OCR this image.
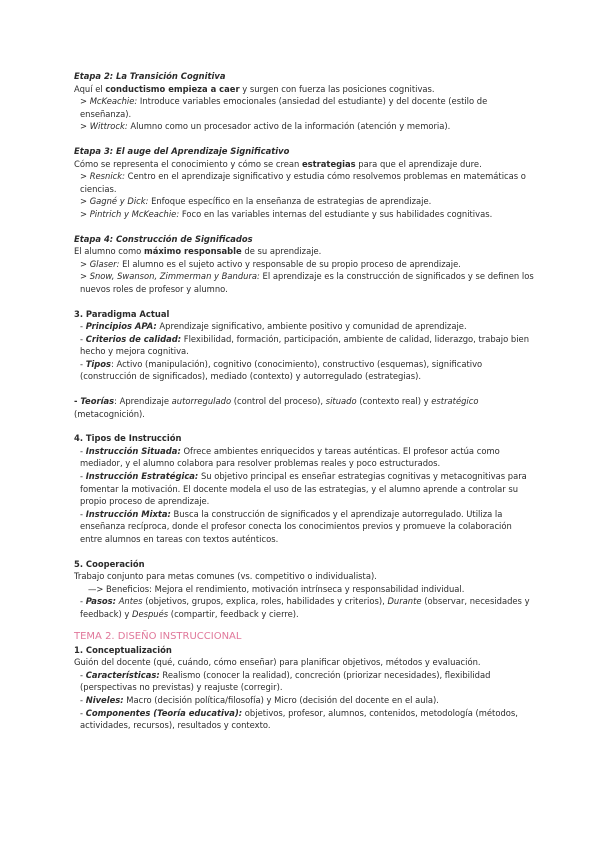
Etapa 2: La Transición Cognitiva

Aquí el conductismo empieza a caer y surgen con fuerza las posiciones cognitivas.

> McKeachie: Introduce variables emocionales (ansiedad del estudiante) y del docente (estilo de enseñanza).

> Wittrock: Alumno como un procesador activo de la información (atención y memoria).

Etapa 3: El auge del Aprendizaje Significativo

Cómo se representa el conocimiento y cómo se crean estrategias para que el aprendizaje dure.

> Resnick: Centro en el aprendizaje significativo y estudia cómo resolvemos problemas en matemáticas o ciencias.

> Gagné y Dick: Enfoque específico en la enseñanza de estrategias de aprendizaje.

> Pintrich y McKeachie: Foco en las variables internas del estudiante y sus habilidades cognitivas.

Etapa 4: Construcción de Significados

El alumno como máximo responsable de su aprendizaje.

> Glaser: El alumno es el sujeto activo y responsable de su propio proceso de aprendizaje.

> Snow, Swanson, Zimmerman y Bandura: El aprendizaje es la construcción de significados y se definen los nuevos roles de profesor y alumno.

3. Paradigma Actual

- Principios APA: Aprendizaje significativo, ambiente positivo y comunidad de aprendizaje.

- Criterios de calidad: Flexibilidad, formación, participación, ambiente de calidad, liderazgo, trabajo bien hecho y mejora cognitiva.

- Tipos: Activo (manipulación), cognitivo (conocimiento), constructivo (esquemas), significativo (construcción de significados), mediado (contexto) y autorregulado (estrategias).

- Teorías: Aprendizaje autorregulado (control del proceso), situado (contexto real) y estratégico (metacognición).

4. Tipos de Instrucción

- Instrucción Situada: Ofrece ambientes enriquecidos y tareas auténticas. El profesor actúa como mediador, y el alumno colabora para resolver problemas reales y poco estructurados.

- Instrucción Estratégica: Su objetivo principal es enseñar estrategias cognitivas y metacognitivas para fomentar la motivación. El docente modela el uso de las estrategias, y el alumno aprende a controlar su propio proceso de aprendizaje.

- Instrucción Mixta: Busca la construcción de significados y el aprendizaje autorregulado. Utiliza la enseñanza recíproca, donde el profesor conecta los conocimientos previos y promueve la colaboración entre alumnos en tareas con textos auténticos.

5. Cooperación

Trabajo conjunto para metas comunes (vs. competitivo o individualista).

—> Beneficios: Mejora el rendimiento, motivación intrínseca y responsabilidad individual.

- Pasos: Antes (objetivos, grupos, explica, roles, habilidades y criterios), Durante (observar, necesidades y feedback) y Después (compartir, feedback y cierre).

TEMA 2. DISEÑO INSTRUCCIONAL

1. Conceptualización

Guión del docente (qué, cuándo, cómo enseñar) para planificar objetivos, métodos y evaluación.

- Características: Realismo (conocer la realidad), concreción (priorizar necesidades), flexibilidad (perspectivas no previstas) y reajuste (corregir).

- Niveles: Macro (decisión política/filosofía) y Micro (decisión del docente en el aula).

- Componentes (Teoría educativa): objetivos, profesor, alumnos, contenidos, metodología (métodos, actividades, recursos), resultados y contexto.
